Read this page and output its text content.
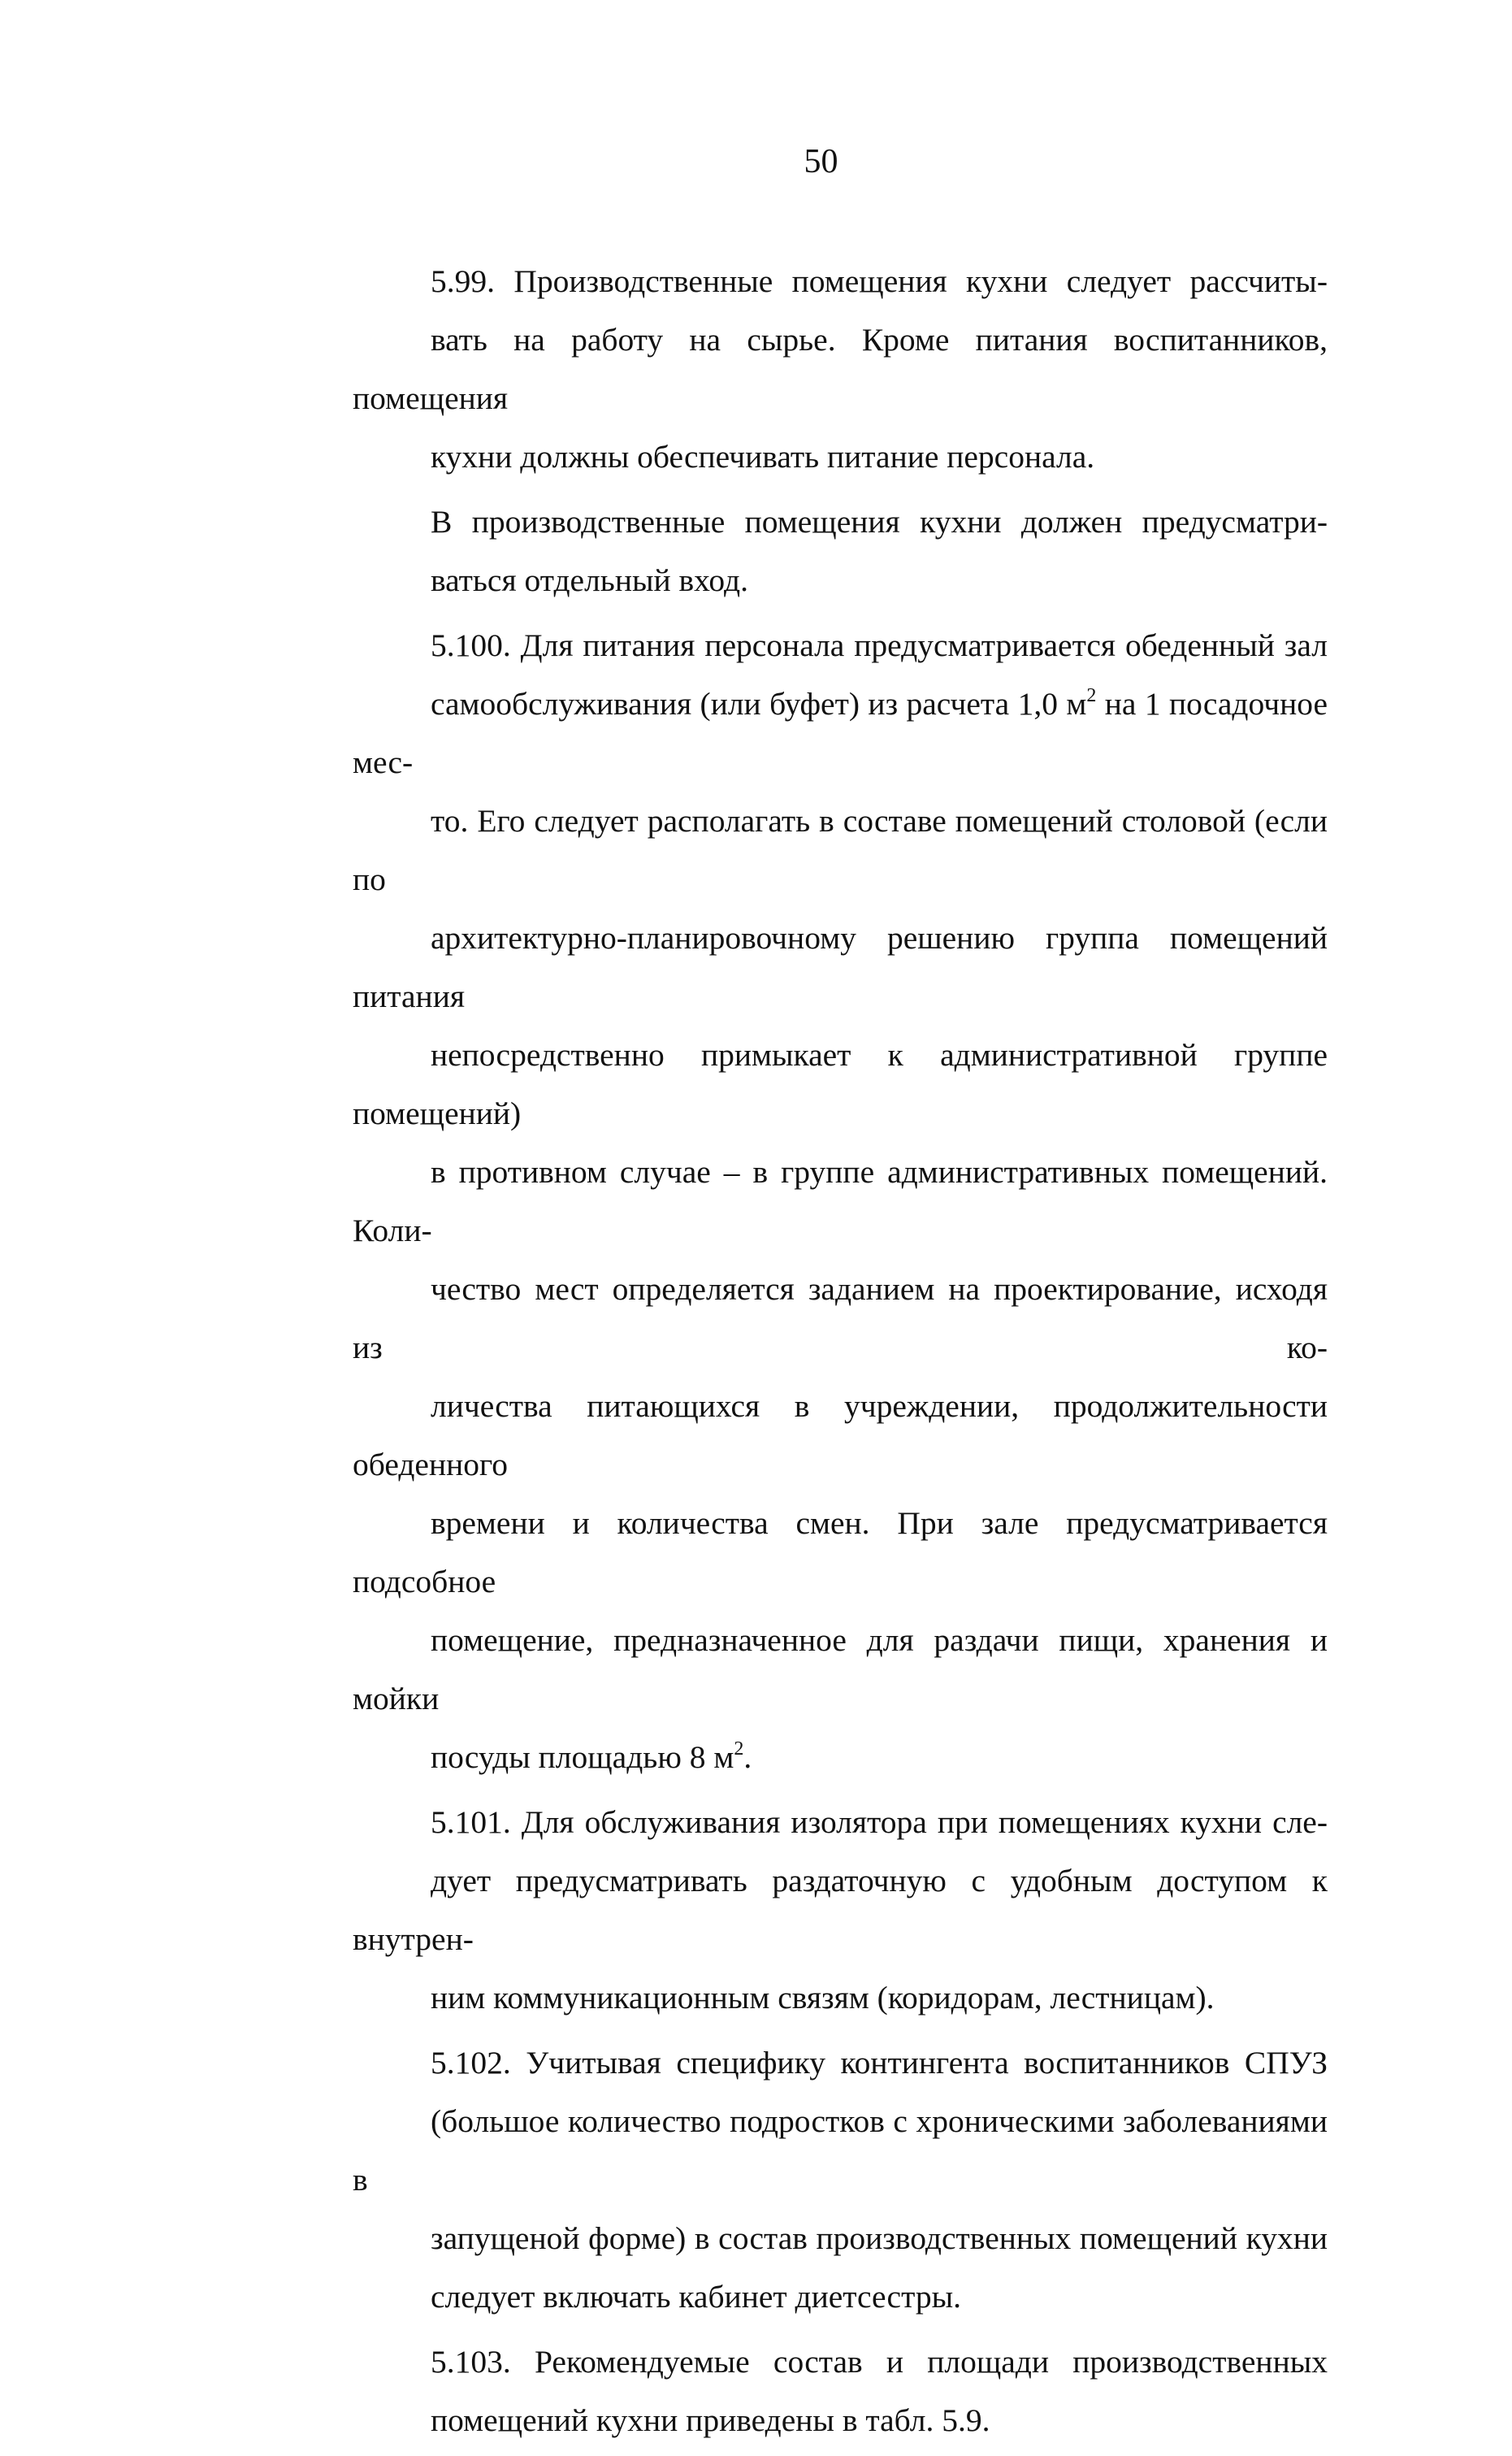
50

5.99. Производственные помещения кухни следует рассчиты-
вать на работу на сырье. Кроме питания воспитанников, помещения
кухни должны обеспечивать питание персонала.

В производственные помещения кухни должен предусматри-
ваться отдельный вход.

5.100. Для питания персонала предусматривается обеденный зал
самообслуживания (или буфет) из расчета 1,0 $м^2$ на 1 посадочное мес-
то. Его следует располагать в составе помещений столовой (если по
архитектурно-планировочному решению группа помещений питания
непосредственно примыкает к административной группе помещений)
в противном случае – в группе административных помещений. Коли-
чество мест определяется заданием на проектирование, исходя из ко-
личества питающихся в учреждении, продолжительности обеденного
времени и количества смен. При зале предусматривается подсобное
помещение, предназначенное для раздачи пищи, хранения и мойки
посуды площадью 8 $м^2$.

5.101. Для обслуживания изолятора при помещениях кухни сле-
дует предусматривать раздаточную с удобным доступом к внутрен-
ним коммуникационным связям (коридорам, лестницам).

5.102. Учитывая специфику контингента воспитанников СПУЗ
(большое количество подростков с хроническими заболеваниями в
запущеной форме) в состав производственных помещений кухни
следует включать кабинет диетсестры.

5.103. Рекомендуемые состав и площади производственных
помещений кухни приведены в табл. 5.9.
